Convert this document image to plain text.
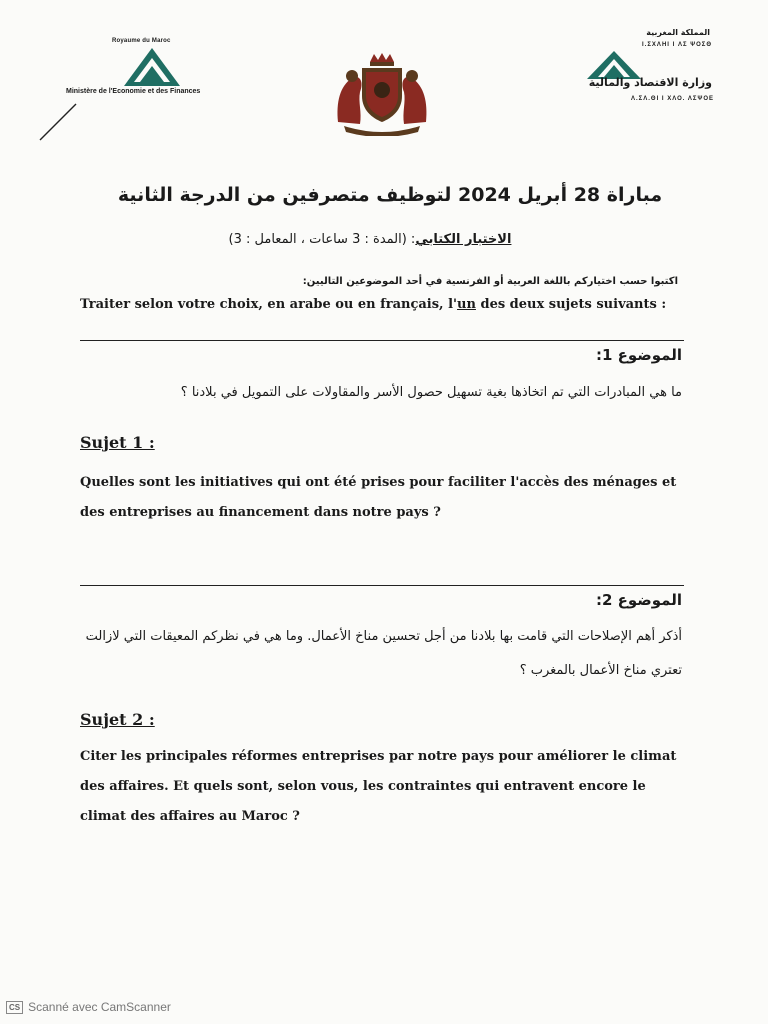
Royaume du Maroc
Ministère de l'Economie et des Finances
المملكة المغربية
I.ΣΧΛΗΙ I ΛΣ ΨΟΣΘ
وزارة الاقتصاد والمالية
Λ.ΣΛ.ΘΙ I ΧΛΟ. ΛΣΨΟΕ
مباراة 28 أبريل 2024 لتوظيف متصرفين من الدرجة الثانية
الاختبار الكتابي: (المدة : 3 ساعات ، المعامل : 3)
اكتبوا حسب اختياركم باللغة العربية أو الفرنسية في أحد الموضوعين التاليين:
Traiter selon votre choix, en arabe ou en français, l'un des deux sujets suivants :
الموضوع 1:
ما هي المبادرات التي تم اتخاذها بغية تسهيل حصول الأسر والمقاولات على التمويل في بلادنا ؟
Sujet 1 :
Quelles sont les initiatives qui ont été prises pour faciliter l'accès des ménages et des entreprises au financement dans notre pays ?
الموضوع 2:
أذكر أهم الإصلاحات التي قامت بها بلادنا من أجل تحسين مناخ الأعمال. وما هي في نظركم المعيقات التي لازالت تعتري مناخ الأعمال بالمغرب ؟
Sujet 2 :
Citer les principales réformes entreprises par notre pays pour améliorer le climat des affaires. Et quels sont, selon vous, les contraintes qui entravent encore le climat des affaires au Maroc ?
CS Scanné avec CamScanner
